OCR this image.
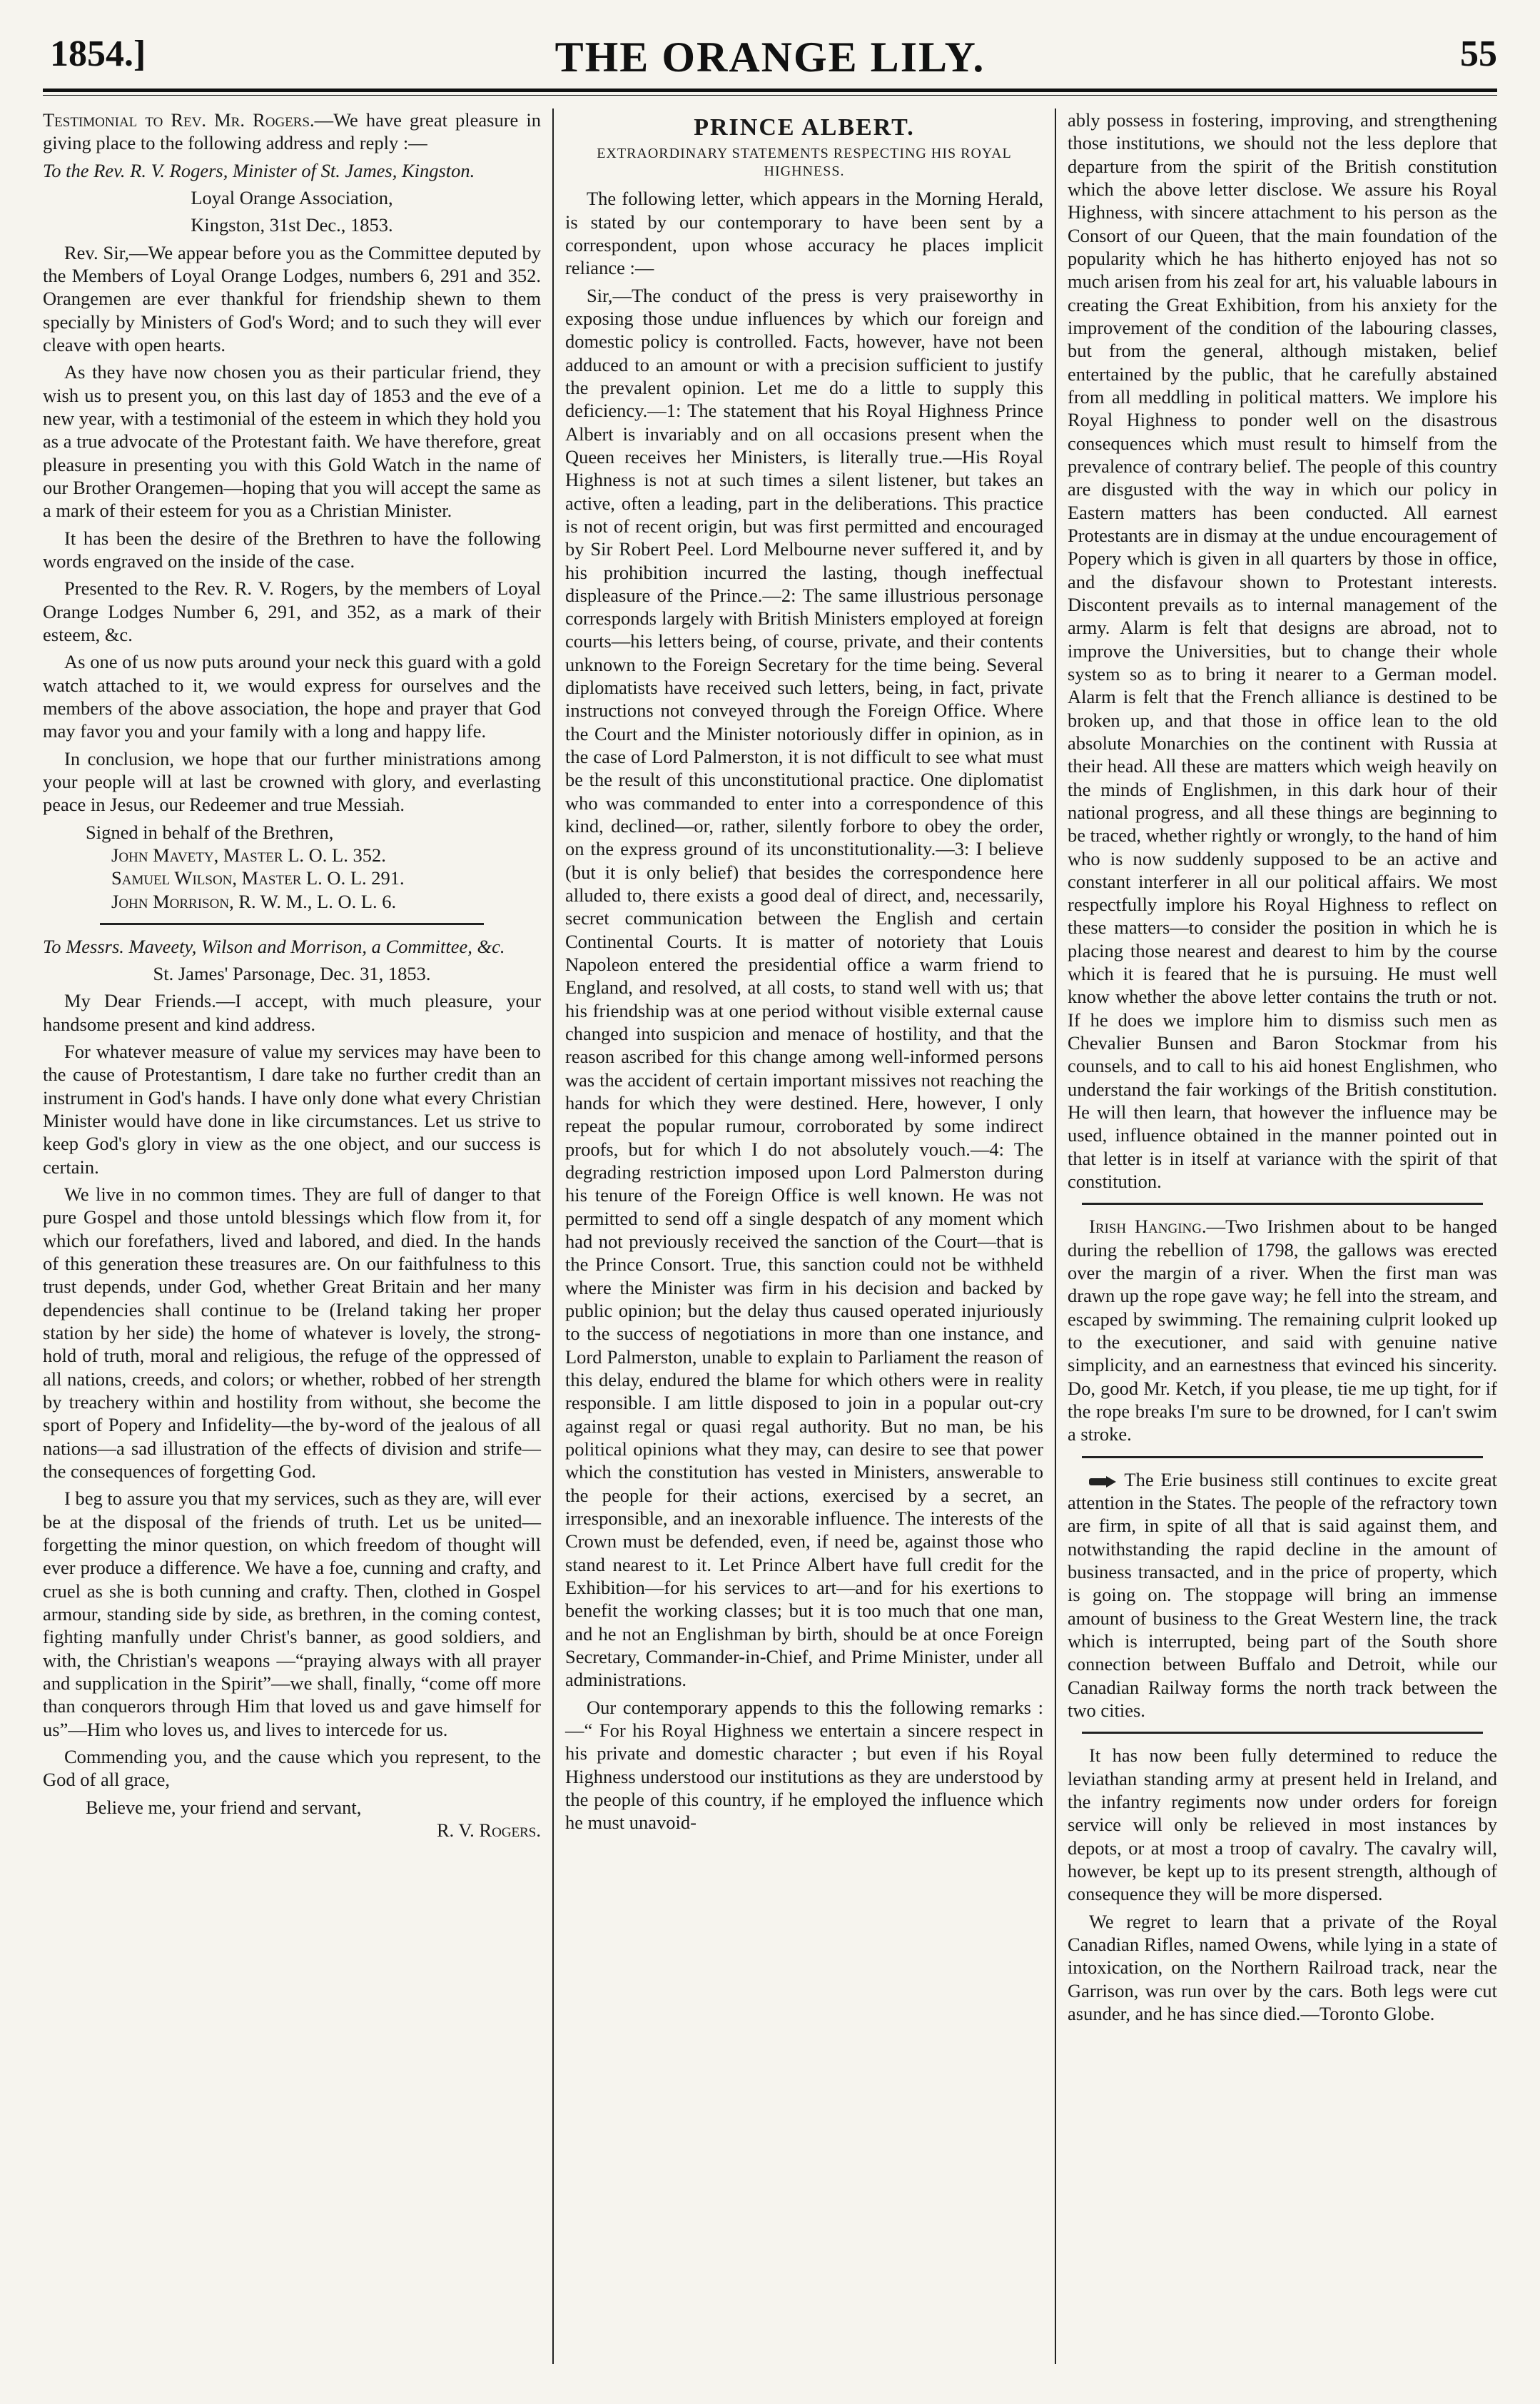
1854.]	THE ORANGE LILY.	55

Testimonial to Rev. Mr. Rogers.—We have great pleasure in giving place to the following address and reply :—

To the Rev. R. V. Rogers, Minister of St. James, Kingston.

Loyal Orange Association,

Kingston, 31st Dec., 1853.

Rev. Sir,—We appear before you as the Committee deputed by the Members of Loyal Orange Lodges, numbers 6, 291 and 352. Orangemen are ever thankful for friendship shewn to them specially by Ministers of God's Word; and to such they will ever cleave with open hearts.

As they have now chosen you as their particular friend, they wish us to present you, on this last day of 1853 and the eve of a new year, with a testimonial of the esteem in which they hold you as a true advocate of the Protestant faith. We have therefore, great pleasure in presenting you with this Gold Watch in the name of our Brother Orangemen—hoping that you will accept the same as a mark of their esteem for you as a Christian Minister.

It has been the desire of the Brethren to have the following words engraved on the inside of the case.

Presented to the Rev. R. V. Rogers, by the members of Loyal Orange Lodges Number 6, 291, and 352, as a mark of their esteem, &c.

As one of us now puts around your neck this guard with a gold watch attached to it, we would express for ourselves and the members of the above association, the hope and prayer that God may favor you and your family with a long and happy life.

In conclusion, we hope that our further ministrations among your people will at last be crowned with glory, and everlasting peace in Jesus, our Redeemer and true Messiah.

Signed in behalf of the Brethren,

John Mavety, Master L. O. L. 352.

Samuel Wilson, Master L. O. L. 291.

John Morrison, R. W. M., L. O. L. 6.

To Messrs. Maveety, Wilson and Morrison, a Committee, &c.

St. James' Parsonage, Dec. 31, 1853.

My Dear Friends.—I accept, with much pleasure, your handsome present and kind address.

For whatever measure of value my services may have been to the cause of Protestantism, I dare take no further credit than an instrument in God's hands. I have only done what every Christian Minister would have done in like circumstances. Let us strive to keep God's glory in view as the one object, and our success is certain.

We live in no common times. They are full of danger to that pure Gospel and those untold blessings which flow from it, for which our forefathers, lived and labored, and died. In the hands of this generation these treasures are. On our faithfulness to this trust depends, under God, whether Great Britain and her many dependencies shall continue to be (Ireland taking her proper station by her side) the home of whatever is lovely, the strong-hold of truth, moral and religious, the refuge of the oppressed of all nations, creeds, and colors; or whether, robbed of her strength by treachery within and hostility from without, she become the sport of Popery and Infidelity—the by-word of the jealous of all nations—a sad illustration of the effects of division and strife—the consequences of forgetting God.

I beg to assure you that my services, such as they are, will ever be at the disposal of the friends of truth. Let us be united—forgetting the minor question, on which freedom of thought will ever produce a difference. We have a foe, cunning and crafty, and cruel as she is both cunning and crafty. Then, clothed in Gospel armour, standing side by side, as brethren, in the coming contest, fighting manfully under Christ's banner, as good soldiers, and with, the Christian's weapons —“praying always with all prayer and supplication in the Spirit”—we shall, finally, “come off more than conquerors through Him that loved us and gave himself for us”—Him who loves us, and lives to intercede for us.

Commending you, and the cause which you represent, to the God of all grace,

Believe me, your friend and servant,

R. V. Rogers.

PRINCE ALBERT.
EXTRAORDINARY STATEMENTS RESPECTING HIS ROYAL HIGHNESS.

The following letter, which appears in the Morning Herald, is stated by our contemporary to have been sent by a correspondent, upon whose accuracy he places implicit reliance :—

Sir,—The conduct of the press is very praiseworthy in exposing those undue influences by which our foreign and domestic policy is controlled. Facts, however, have not been adduced to an amount or with a precision sufficient to justify the prevalent opinion. Let me do a little to supply this deficiency.—1: The statement that his Royal Highness Prince Albert is invariably and on all occasions present when the Queen receives her Ministers, is literally true.—His Royal Highness is not at such times a silent listener, but takes an active, often a leading, part in the deliberations. This practice is not of recent origin, but was first permitted and encouraged by Sir Robert Peel. Lord Melbourne never suffered it, and by his prohibition incurred the lasting, though ineffectual displeasure of the Prince.—2: The same illustrious personage corresponds largely with British Ministers employed at foreign courts—his letters being, of course, private, and their contents unknown to the Foreign Secretary for the time being. Several diplomatists have received such letters, being, in fact, private instructions not conveyed through the Foreign Office. Where the Court and the Minister notoriously differ in opinion, as in the case of Lord Palmerston, it is not difficult to see what must be the result of this unconstitutional practice. One diplomatist who was commanded to enter into a correspondence of this kind, declined—or, rather, silently forbore to obey the order, on the express ground of its unconstitutionality.—3: I believe (but it is only belief) that besides the correspondence here alluded to, there exists a good deal of direct, and, necessarily, secret communication between the English and certain Continental Courts. It is matter of notoriety that Louis Napoleon entered the presidential office a warm friend to England, and resolved, at all costs, to stand well with us; that his friendship was at one period without visible external cause changed into suspicion and menace of hostility, and that the reason ascribed for this change among well-informed persons was the accident of certain important missives not reaching the hands for which they were destined. Here, however, I only repeat the popular rumour, corroborated by some indirect proofs, but for which I do not absolutely vouch.—4: The degrading restriction imposed upon Lord Palmerston during his tenure of the Foreign Office is well known. He was not permitted to send off a single despatch of any moment which had not previously received the sanction of the Court—that is the Prince Consort. True, this sanction could not be withheld where the Minister was firm in his decision and backed by public opinion; but the delay thus caused operated injuriously to the success of negotiations in more than one instance, and Lord Palmerston, unable to explain to Parliament the reason of this delay, endured the blame for which others were in reality responsible. I am little disposed to join in a popular out-cry against regal or quasi regal authority. But no man, be his political opinions what they may, can desire to see that power which the constitution has vested in Ministers, answerable to the people for their actions, exercised by a secret, an irresponsible, and an inexorable influence. The interests of the Crown must be defended, even, if need be, against those who stand nearest to it. Let Prince Albert have full credit for the Exhibition—for his services to art—and for his exertions to benefit the working classes; but it is too much that one man, and he not an Englishman by birth, should be at once Foreign Secretary, Commander-in-Chief, and Prime Minister, under all administrations.

Our contemporary appends to this the following remarks :—“ For his Royal Highness we entertain a sincere respect in his private and domestic character ; but even if his Royal Highness understood our institutions as they are understood by the people of this country, if he employed the influence which he must unavoid-

ably possess in fostering, improving, and strengthening those institutions, we should not the less deplore that departure from the spirit of the British constitution which the above letter disclose. We assure his Royal Highness, with sincere attachment to his person as the Consort of our Queen, that the main foundation of the popularity which he has hitherto enjoyed has not so much arisen from his zeal for art, his valuable labours in creating the Great Exhibition, from his anxiety for the improvement of the condition of the labouring classes, but from the general, although mistaken, belief entertained by the public, that he carefully abstained from all meddling in political matters. We implore his Royal Highness to ponder well on the disastrous consequences which must result to himself from the prevalence of contrary belief. The people of this country are disgusted with the way in which our policy in Eastern matters has been conducted. All earnest Protestants are in dismay at the undue encouragement of Popery which is given in all quarters by those in office, and the disfavour shown to Protestant interests. Discontent prevails as to internal management of the army. Alarm is felt that designs are abroad, not to improve the Universities, but to change their whole system so as to bring it nearer to a German model. Alarm is felt that the French alliance is destined to be broken up, and that those in office lean to the old absolute Monarchies on the continent with Russia at their head. All these are matters which weigh heavily on the minds of Englishmen, in this dark hour of their national progress, and all these things are beginning to be traced, whether rightly or wrongly, to the hand of him who is now suddenly supposed to be an active and constant interferer in all our political affairs. We most respectfully implore his Royal Highness to reflect on these matters—to consider the position in which he is placing those nearest and dearest to him by the course which it is feared that he is pursuing. He must well know whether the above letter contains the truth or not. If he does we implore him to dismiss such men as Chevalier Bunsen and Baron Stockmar from his counsels, and to call to his aid honest Englishmen, who understand the fair workings of the British constitution. He will then learn, that however the influence may be used, influence obtained in the manner pointed out in that letter is in itself at variance with the spirit of that constitution.

Irish Hanging.—Two Irishmen about to be hanged during the rebellion of 1798, the gallows was erected over the margin of a river. When the first man was drawn up the rope gave way; he fell into the stream, and escaped by swimming. The remaining culprit looked up to the executioner, and said with genuine native simplicity, and an earnestness that evinced his sincerity. Do, good Mr. Ketch, if you please, tie me up tight, for if the rope breaks I'm sure to be drowned, for I can't swim a stroke.

The Erie business still continues to excite great attention in the States. The people of the refractory town are firm, in spite of all that is said against them, and notwithstanding the rapid decline in the amount of business transacted, and in the price of property, which is going on. The stoppage will bring an immense amount of business to the Great Western line, the track which is interrupted, being part of the South shore connection between Buffalo and Detroit, while our Canadian Railway forms the north track between the two cities.

It has now been fully determined to reduce the leviathan standing army at present held in Ireland, and the infantry regiments now under orders for foreign service will only be relieved in most instances by depots, or at most a troop of cavalry. The cavalry will, however, be kept up to its present strength, although of consequence they will be more dispersed.

We regret to learn that a private of the Royal Canadian Rifles, named Owens, while lying in a state of intoxication, on the Northern Railroad track, near the Garrison, was run over by the cars. Both legs were cut asunder, and he has since died.—Toronto Globe.
